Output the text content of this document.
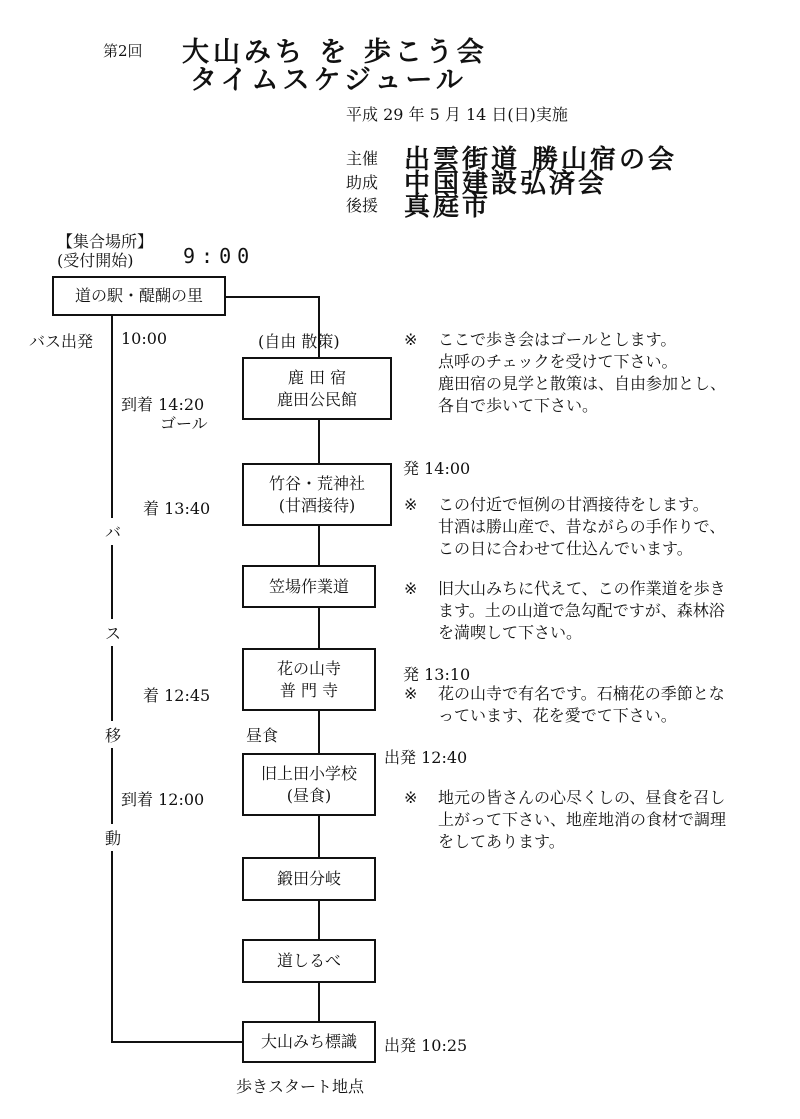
第2回 大山みち を 歩こう会
タイムスケジュール
平成 29 年 5 月 14 日(日)実施
主催 出雲街道 勝山宿の会
助成 中国建設弘済会
後援 真庭市
【集合場所】
(受付開始) 9:00
道の駅・醍醐の里
鹿 田 宿
鹿田公民館
竹谷・荒神社
(甘酒接待)
笠場作業道
花の山寺
普 門 寺
旧上田小学校
(昼食)
鍛田分岐
道しるべ
大山みち標識
歩きスタート地点
バス出発 10:00
バ
ス
移
動
(自由 散策)
到着 14:20
ゴール
発 14:00
着 13:40
発 13:10
着 12:45
昼食
出発 12:40
到着 12:00
出発 10:25
※ ここで歩き会はゴールとします。
点呼のチェックを受けて下さい。
鹿田宿の見学と散策は、自由参加とし、
各自で歩いて下さい。
※ この付近で恒例の甘酒接待をします。
甘酒は勝山産で、昔ながらの手作りで、
この日に合わせて仕込んでいます。
※ 旧大山みちに代えて、この作業道を歩き
ます。土の山道で急勾配ですが、森林浴
を満喫して下さい。
※ 花の山寺で有名です。石楠花の季節とな
っています、花を愛でて下さい。
※ 地元の皆さんの心尽くしの、昼食を召し
上がって下さい、地産地消の食材で調理
をしてあります。
